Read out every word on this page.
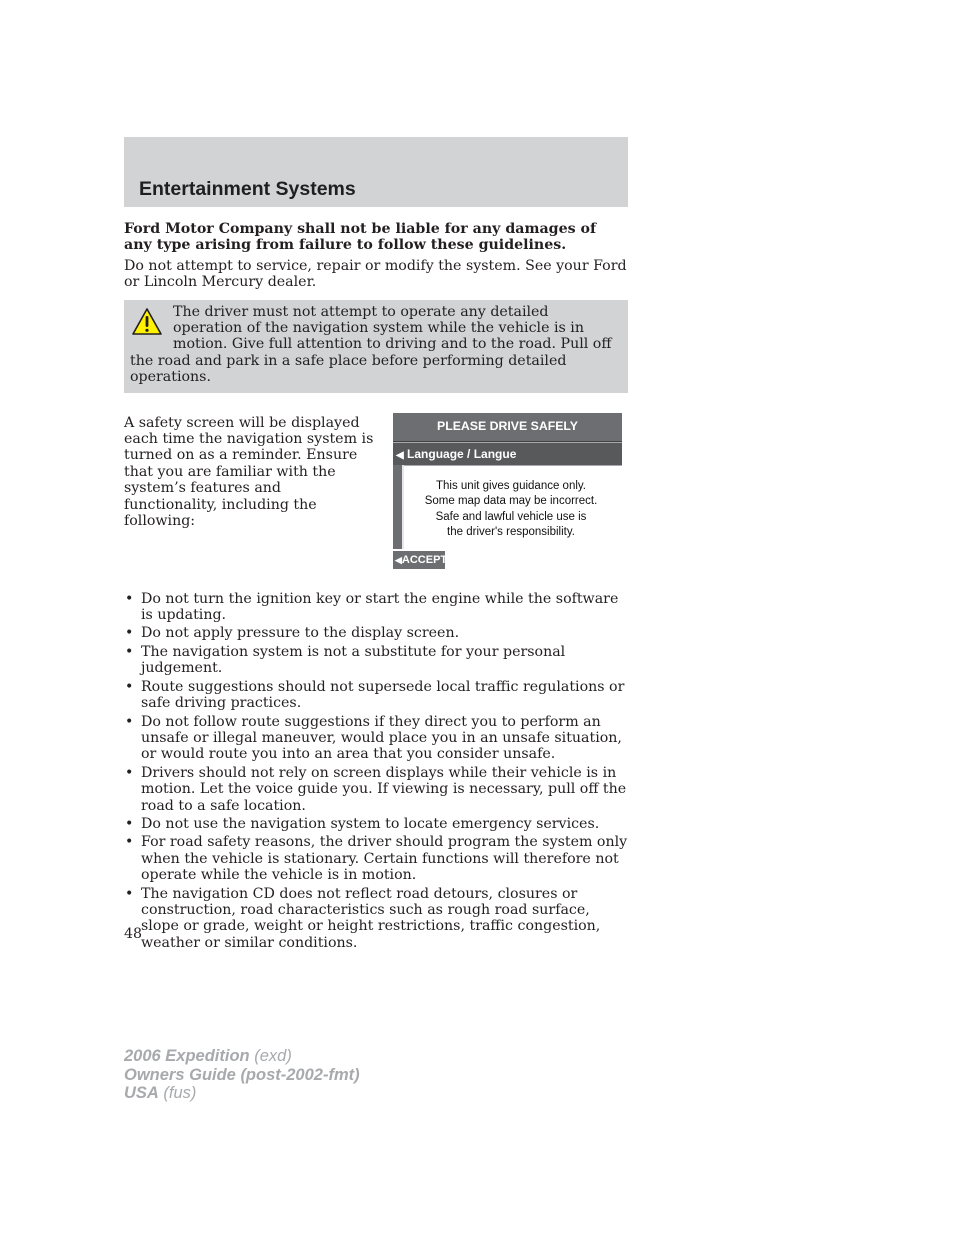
Entertainment Systems

Ford Motor Company shall not be liable for any damages of any type arising from failure to follow these guidelines.

Do not attempt to service, repair or modify the system. See your Ford or Lincoln Mercury dealer.

The driver must not attempt to operate any detailed operation of the navigation system while the vehicle is in motion. Give full attention to driving and to the road. Pull off the road and park in a safe place before performing detailed operations.

A safety screen will be displayed each time the navigation system is turned on as a reminder. Ensure that you are familiar with the system’s features and functionality, including the following:

PLEASE DRIVE SAFELY
◀ Language / Langue
This unit gives guidance only.
Some map data may be incorrect.
Safe and lawful vehicle use is
the driver's responsibility.
◀ACCEPT
• Do not turn the ignition key or start the engine while the software is updating.
• Do not apply pressure to the display screen.
• The navigation system is not a substitute for your personal judgement.
• Route suggestions should not supersede local traffic regulations or safe driving practices.
• Do not follow route suggestions if they direct you to perform an unsafe or illegal maneuver, would place you in an unsafe situation, or would route you into an area that you consider unsafe.
• Drivers should not rely on screen displays while their vehicle is in motion. Let the voice guide you. If viewing is necessary, pull off the road to a safe location.
• Do not use the navigation system to locate emergency services.
• For road safety reasons, the driver should program the system only when the vehicle is stationary. Certain functions will therefore not operate while the vehicle is in motion.
• The navigation CD does not reflect road detours, closures or construction, road characteristics such as rough road surface, slope or grade, weight or height restrictions, traffic congestion, weather or similar conditions.

48

2006 Expedition (exd)
Owners Guide (post-2002-fmt)
USA (fus)
